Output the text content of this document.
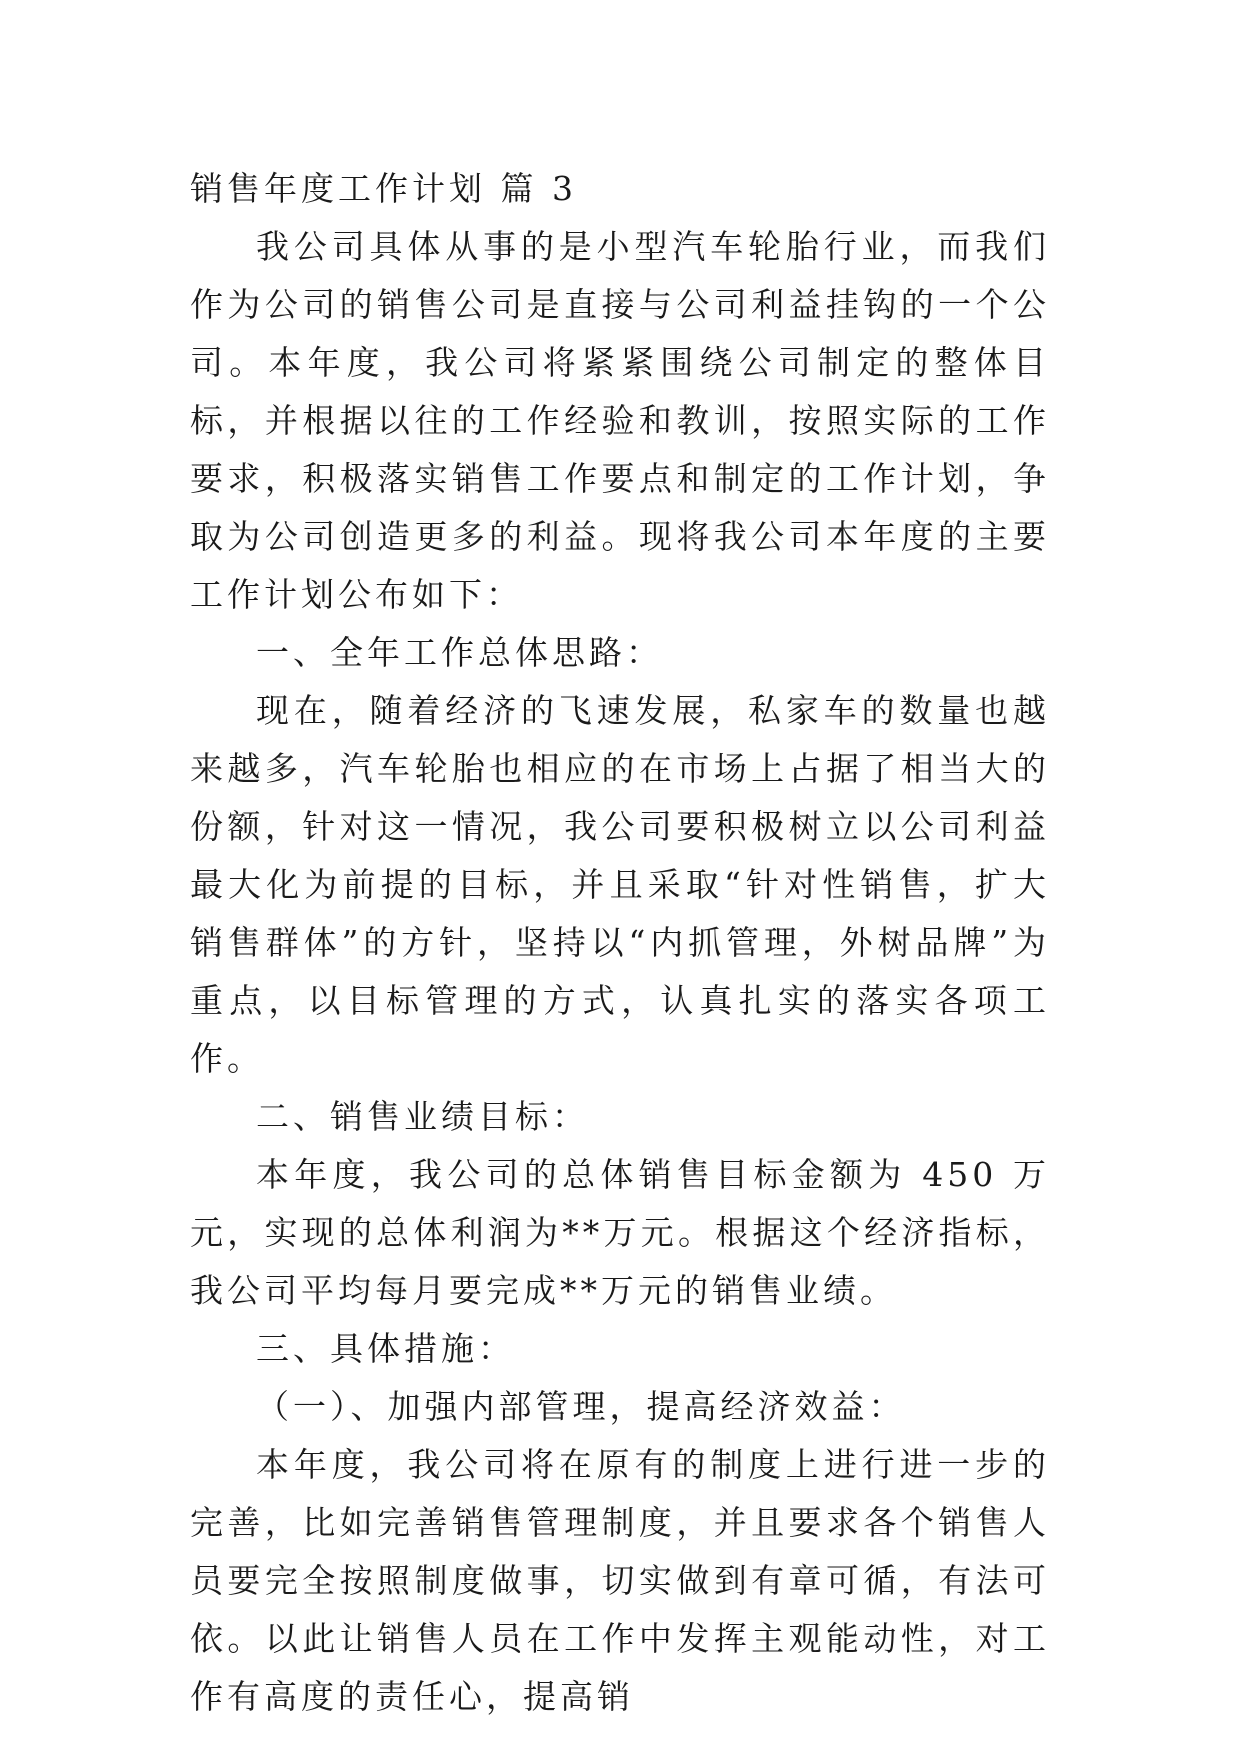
销售年度工作计划 篇 3

我公司具体从事的是小型汽车轮胎行业，而我们作为公司的销售公司是直接与公司利益挂钩的一个公司。本年度，我公司将紧紧围绕公司制定的整体目标，并根据以往的工作经验和教训，按照实际的工作要求，积极落实销售工作要点和制定的工作计划，争取为公司创造更多的利益。现将我公司本年度的主要工作计划公布如下：

一、全年工作总体思路：

现在，随着经济的飞速发展，私家车的数量也越来越多，汽车轮胎也相应的在市场上占据了相当大的份额，针对这一情况，我公司要积极树立以公司利益最大化为前提的目标，并且采取“针对性销售，扩大销售群体”的方针，坚持以“内抓管理，外树品牌”为重点，以目标管理的方式，认真扎实的落实各项工作。

二、销售业绩目标：

本年度，我公司的总体销售目标金额为 450 万元，实现的总体利润为**万元。根据这个经济指标，我公司平均每月要完成**万元的销售业绩。

三、具体措施：

（一）、加强内部管理，提高经济效益：

本年度，我公司将在原有的制度上进行进一步的完善，比如完善销售管理制度，并且要求各个销售人员要完全按照制度做事，切实做到有章可循，有法可依。以此让销售人员在工作中发挥主观能动性，对工作有高度的责任心，提高销
